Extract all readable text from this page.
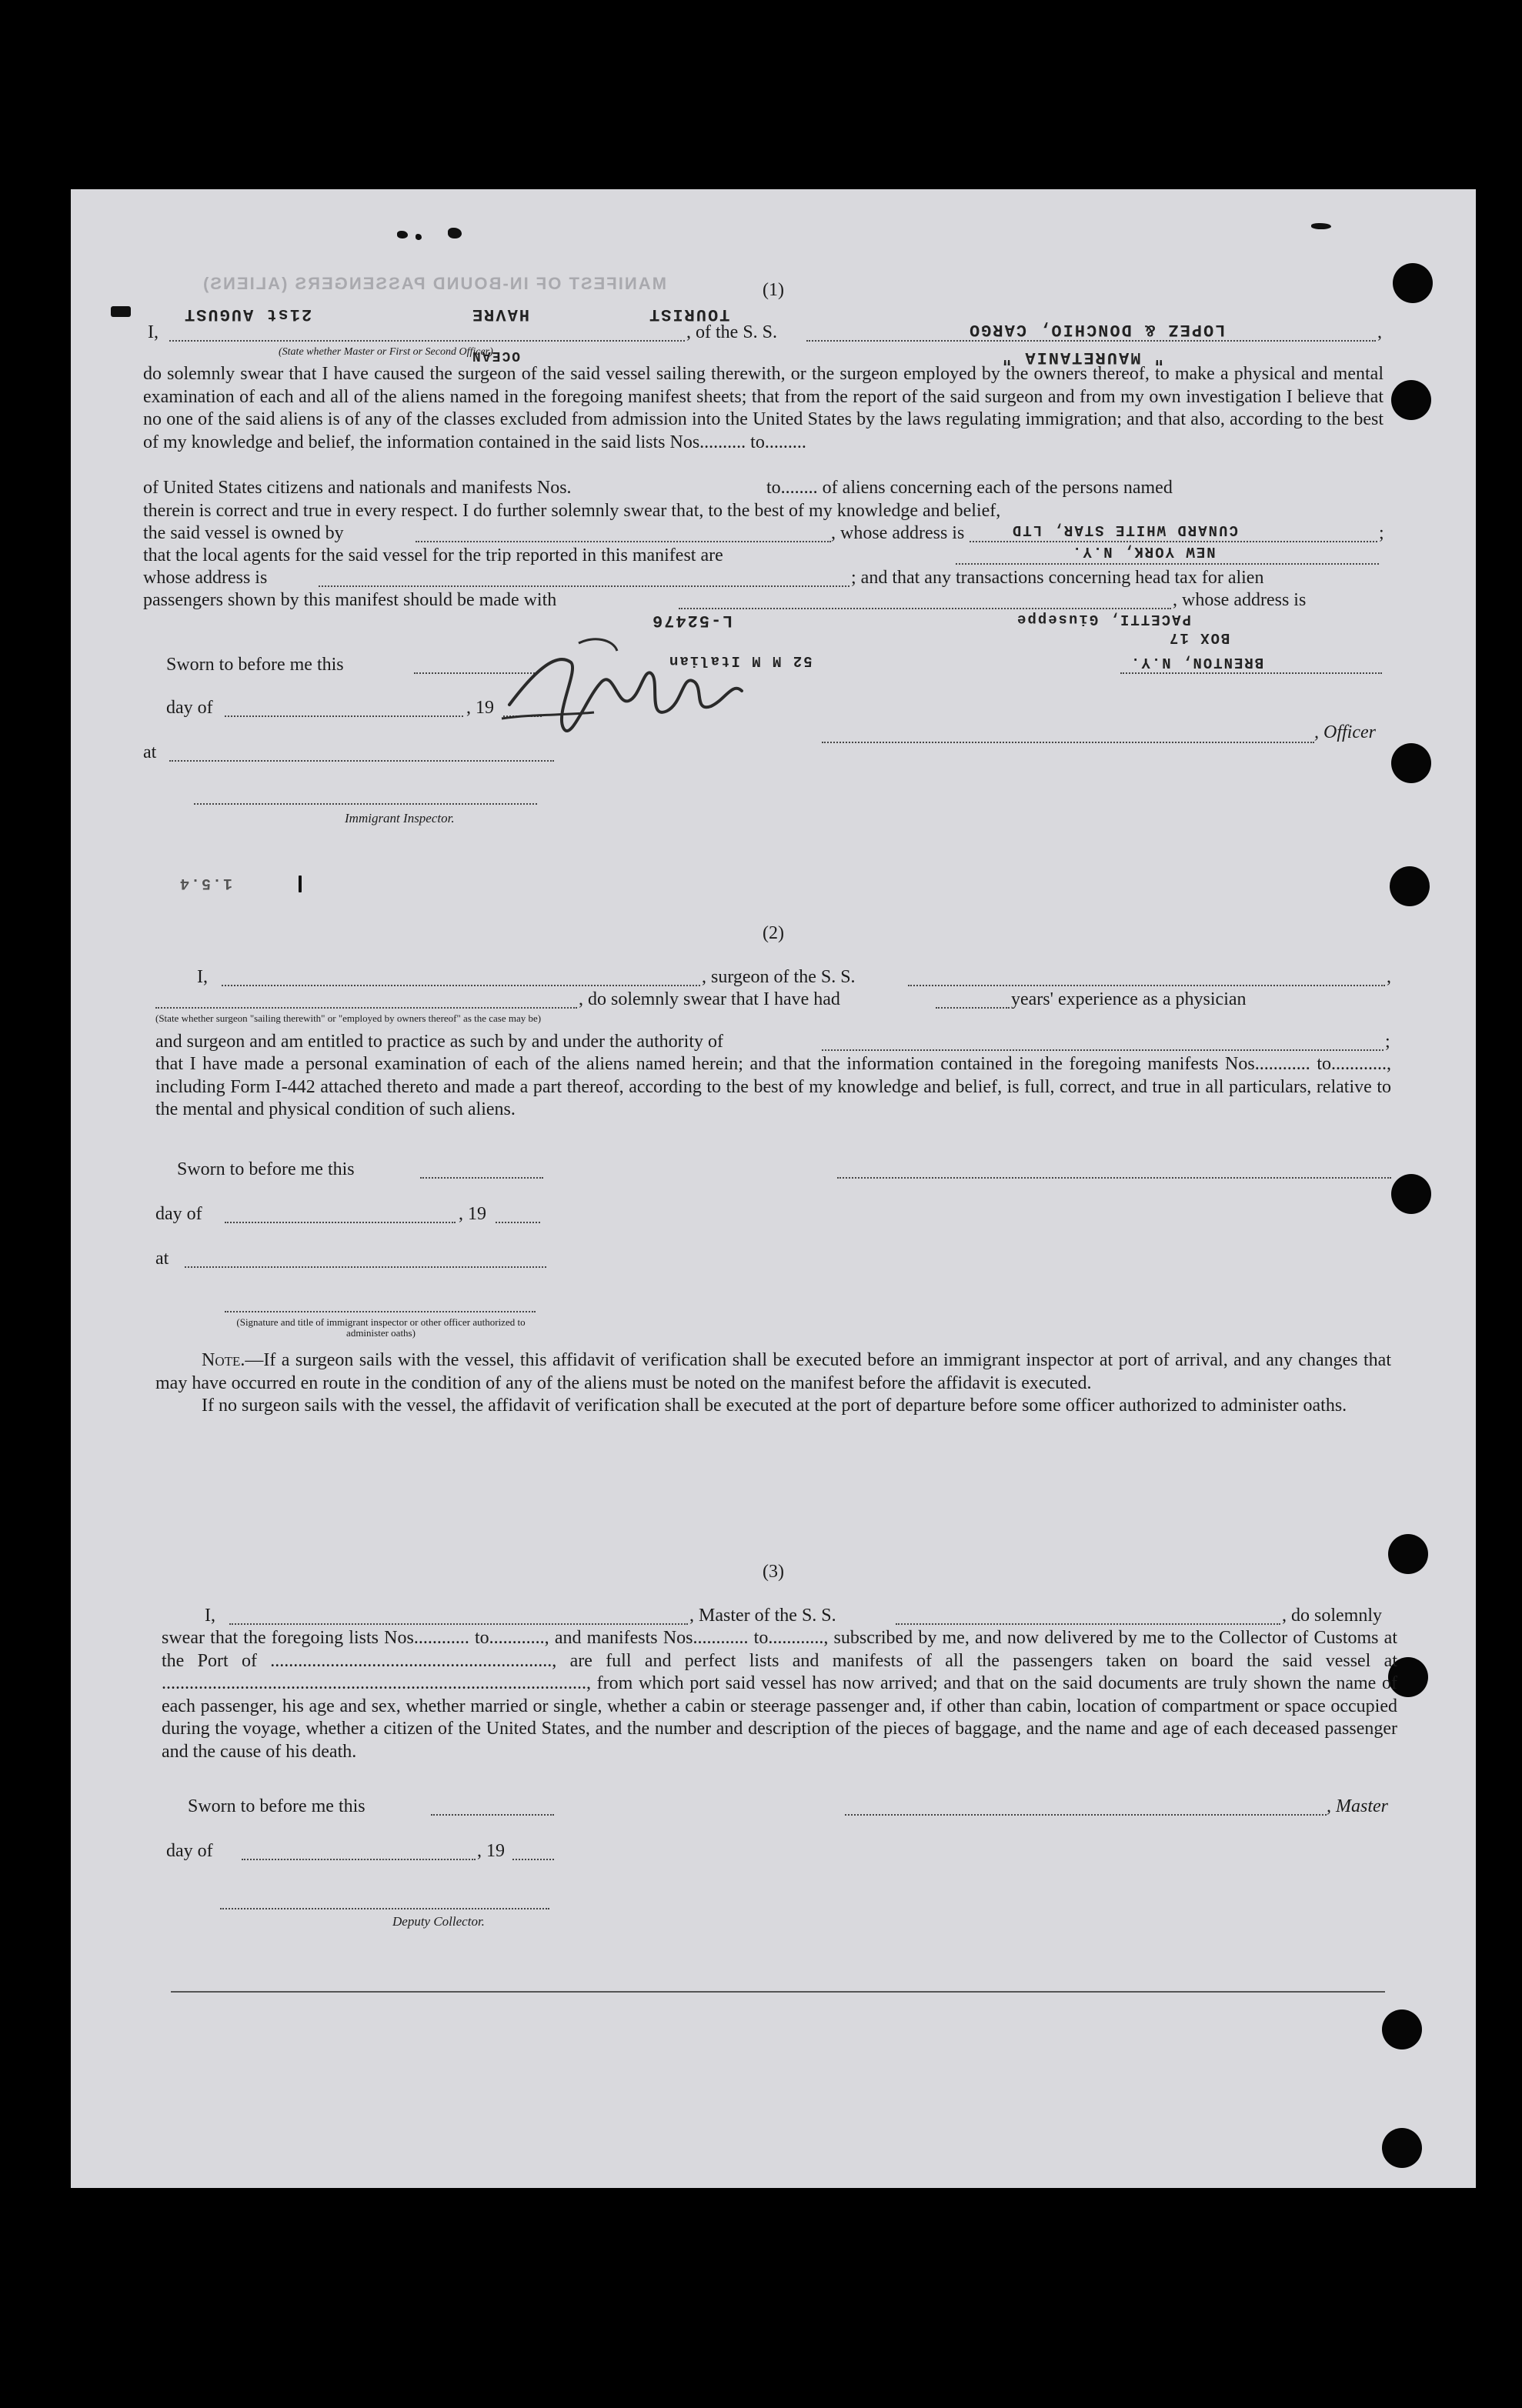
MANIFEST OF IN-BOUND PASSENGERS (ALIENS)	(1)
21st AUGUST	HAVRE	TOURIST
I,	, of the S. S.	LOPEZ & DONCHIO, CARGO	,
(State whether Master or First or Second Officer)
OCEAN	" MAURETANIA "

do solemnly swear that I have caused the surgeon of the said vessel sailing therewith, or the surgeon employed by the owners thereof, to make a physical and mental examination of each and all of the aliens named in the foregoing manifest sheets; that from the report of the said surgeon and from my own investigation I believe that no one of the said aliens is of any of the classes excluded from admission into the United States by the laws regulating immigration; and that also, according to the best of my knowledge and belief, the information contained in the said lists Nos.......... to.........

of United States citizens and nationals and manifests Nos.	to........ of aliens concerning each of the persons named
therein is correct and true in every respect. I do further solemnly swear that, to the best of my knowledge and belief,
the said vessel is owned by	, whose address is	;
CUNARD WHITE STAR, LTD
that the local agents for the said vessel for the trip reported in this manifest are	NEW YORK, N.Y.
whose address is	; and that any transactions concerning head tax for alien
passengers shown by this manifest should be made with	, whose address is
L-52476	PACETTI, Giuseppe
BOX 17
Sworn to before me this	52 M M Italian	BRENTON, N.Y.
day of	, 19
at
, Officer
Immigrant Inspector.
1.5.4
(2)
I,	, surgeon of the S. S.	,
, do solemnly swear that I have had	years' experience as a physician
(State whether surgeon "sailing therewith" or "employed by owners thereof" as the case may be)
and surgeon and am entitled to practice as such by and under the authority of	;

that I have made a personal examination of each of the aliens named herein; and that the information contained in the foregoing manifests Nos............ to............, including Form I-442 attached thereto and made a part thereof, according to the best of my knowledge and belief, is full, correct, and true in all particulars, relative to the mental and physical condition of such aliens.

Sworn to before me this
day of	, 19
at
(Signature and title of immigrant inspector or other officer authorized to administer oaths)

Note.—If a surgeon sails with the vessel, this affidavit of verification shall be executed before an immigrant inspector at port of arrival, and any changes that may have occurred en route in the condition of any of the aliens must be noted on the manifest before the affidavit is executed.

If no surgeon sails with the vessel, the affidavit of verification shall be executed at the port of departure before some officer authorized to administer oaths.

(3)
I,	, Master of the S. S.	, do solemnly

swear that the foregoing lists Nos............ to............, and manifests Nos............ to............, subscribed by me, and now delivered by me to the Collector of Customs at the Port of ............................................................., are full and perfect lists and manifests of all the passengers taken on board the said vessel at ............................................................................................, from which port said vessel has now arrived; and that on the said documents are truly shown the name of each passenger, his age and sex, whether married or single, whether a cabin or steerage passenger and, if other than cabin, location of compartment or space occupied during the voyage, whether a citizen of the United States, and the number and description of the pieces of baggage, and the name and age of each deceased passenger and the cause of his death.

Sworn to before me this	, Master
day of	, 19
Deputy Collector.
